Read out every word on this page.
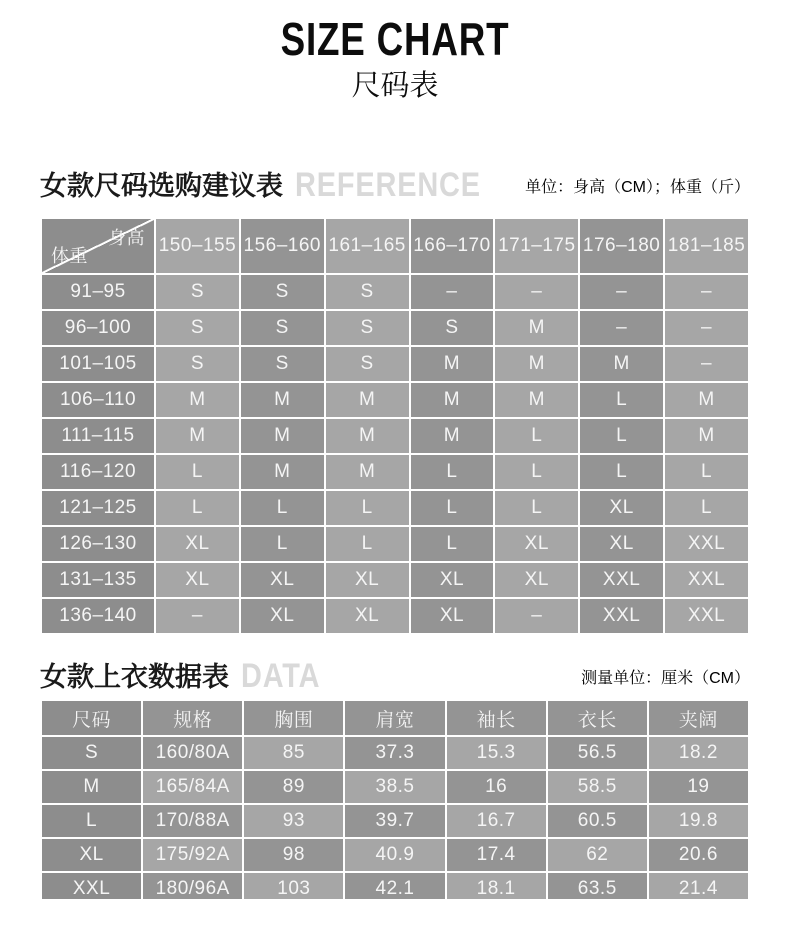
SIZE CHART
尺码表
女款尺码选购建议表 REFERENCE	单位：身高（CM）；体重（斤）
身高
体重	150–155	156–160	161–165	166–170	171–175	176–180	181–185
91–95	S	S	S	–	–	–	–
96–100	S	S	S	S	M	–	–
101–105	S	S	S	M	M	M	–
106–110	M	M	M	M	M	L	M
111–115	M	M	M	M	L	L	M
116–120	L	M	M	L	L	L	L
121–125	L	L	L	L	L	XL	L
126–130	XL	L	L	L	XL	XL	XXL
131–135	XL	XL	XL	XL	XL	XXL	XXL
136–140	–	XL	XL	XL	–	XXL	XXL
女款上衣数据表 DATA	测量单位：厘米（CM）
尺码	规格	胸围	肩宽	袖长	衣长	夹阔
S	160/80A	85	37.3	15.3	56.5	18.2
M	165/84A	89	38.5	16	58.5	19
L	170/88A	93	39.7	16.7	60.5	19.8
XL	175/92A	98	40.9	17.4	62	20.6
XXL	180/96A	103	42.1	18.1	63.5	21.4
